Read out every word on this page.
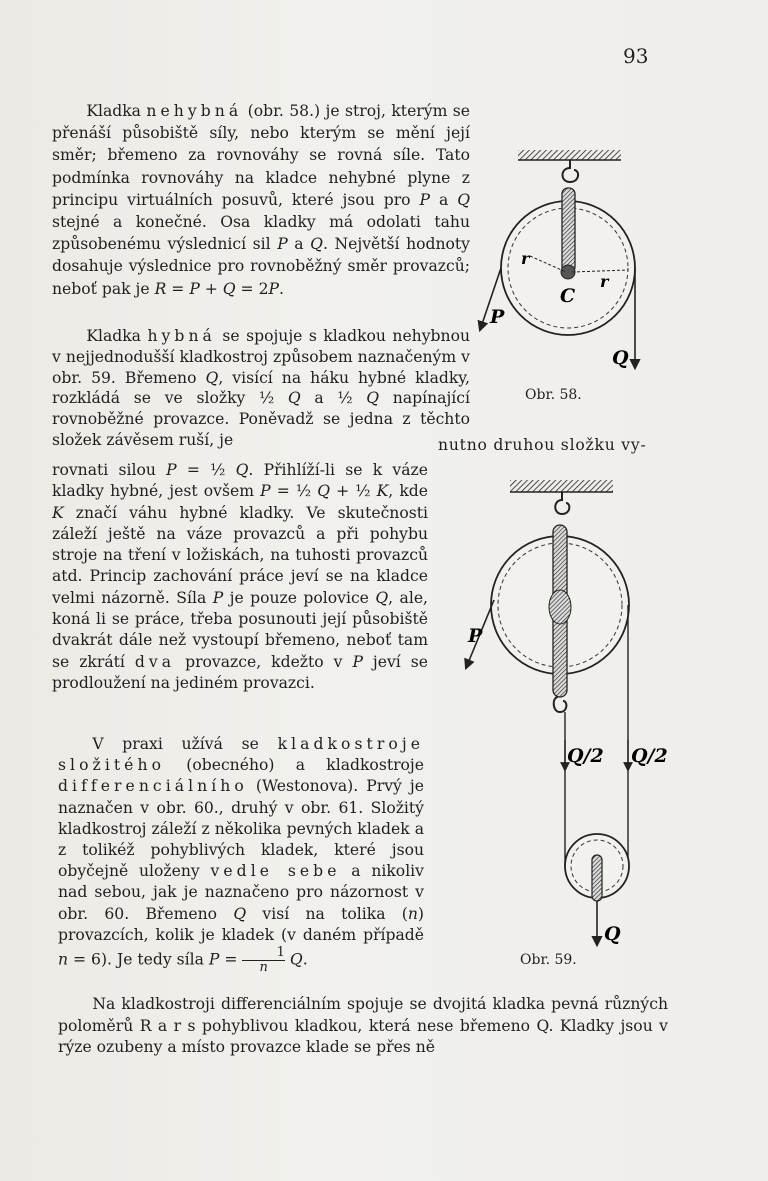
93

Kladka nehybná (obr. 58.) je stroj, kterým se přenáší působiště síly, nebo kterým se mění její směr; břemeno za rovnováhy se rovná síle. Tato podmínka rovnováhy na kladce nehybné plyne z principu virtuálních posuvů, které jsou pro P a Q stejné a konečné. Osa kladky má odolati tahu způsobenému výslednicí sil P a Q. Největší hodnoty dosahuje výslednice pro rovnoběžný směr provazců; neboť pak je R = P + Q = 2P.

Kladka hybná se spojuje s kladkou nehybnou v nejjednodušší kladkostroj způsobem naznačeným v obr. 59. Břemeno Q, visící na háku hybné kladky, rozkládá se ve složky ½ Q a ½ Q napínající rovnoběžné provazce. Poněvadž se jedna z těchto složek závěsem ruší, je	nutno druhou složku vy-

rovnati silou P = ½ Q. Přihlíží-li se k váze kladky hybné, jest ovšem P = ½ Q + ½ K, kde K značí váhu hybné kladky. Ve skutečnosti záleží ještě na váze provazců a při pohybu stroje na tření v ložiskách, na tuhosti provazců atd. Princip zachování práce jeví se na kladce velmi názorně. Síla P je pouze polovice Q, ale, koná li se práce, třeba posunouti její působiště dvakrát dále než vystoupí břemeno, neboť tam se zkrátí dva provazce, kdežto v P jeví se prodloužení na jediném provazci.

V praxi užívá se kladkostroje složitého (obecného) a kladkostroje differenciálního (Westonova). Prvý je naznačen v obr. 60., druhý v obr. 61. Složitý kladkostroj záleží z několika pevných kladek a z tolikéž pohyblivých kladek, které jsou obyčejně uloženy vedle sebe a nikoliv nad sebou, jak je naznačeno pro názornost v obr. 60. Břemeno Q visí na tolika (n) provazcích, kolik je kladek (v daném případě n = 6). Je tedy síla $P = \frac{1}{n} Q$.

Na kladkostroji differenciálním spojuje se dvojitá kladka pevná různých poloměrů R a r s pohyblivou kladkou, která nese břemeno Q. Kladky jsou v rýze ozubeny a místo provazce klade se přes ně

P
Q
r
r
C
P
Q/2 Q/2
Q
Obr. 58.
Obr. 59.
